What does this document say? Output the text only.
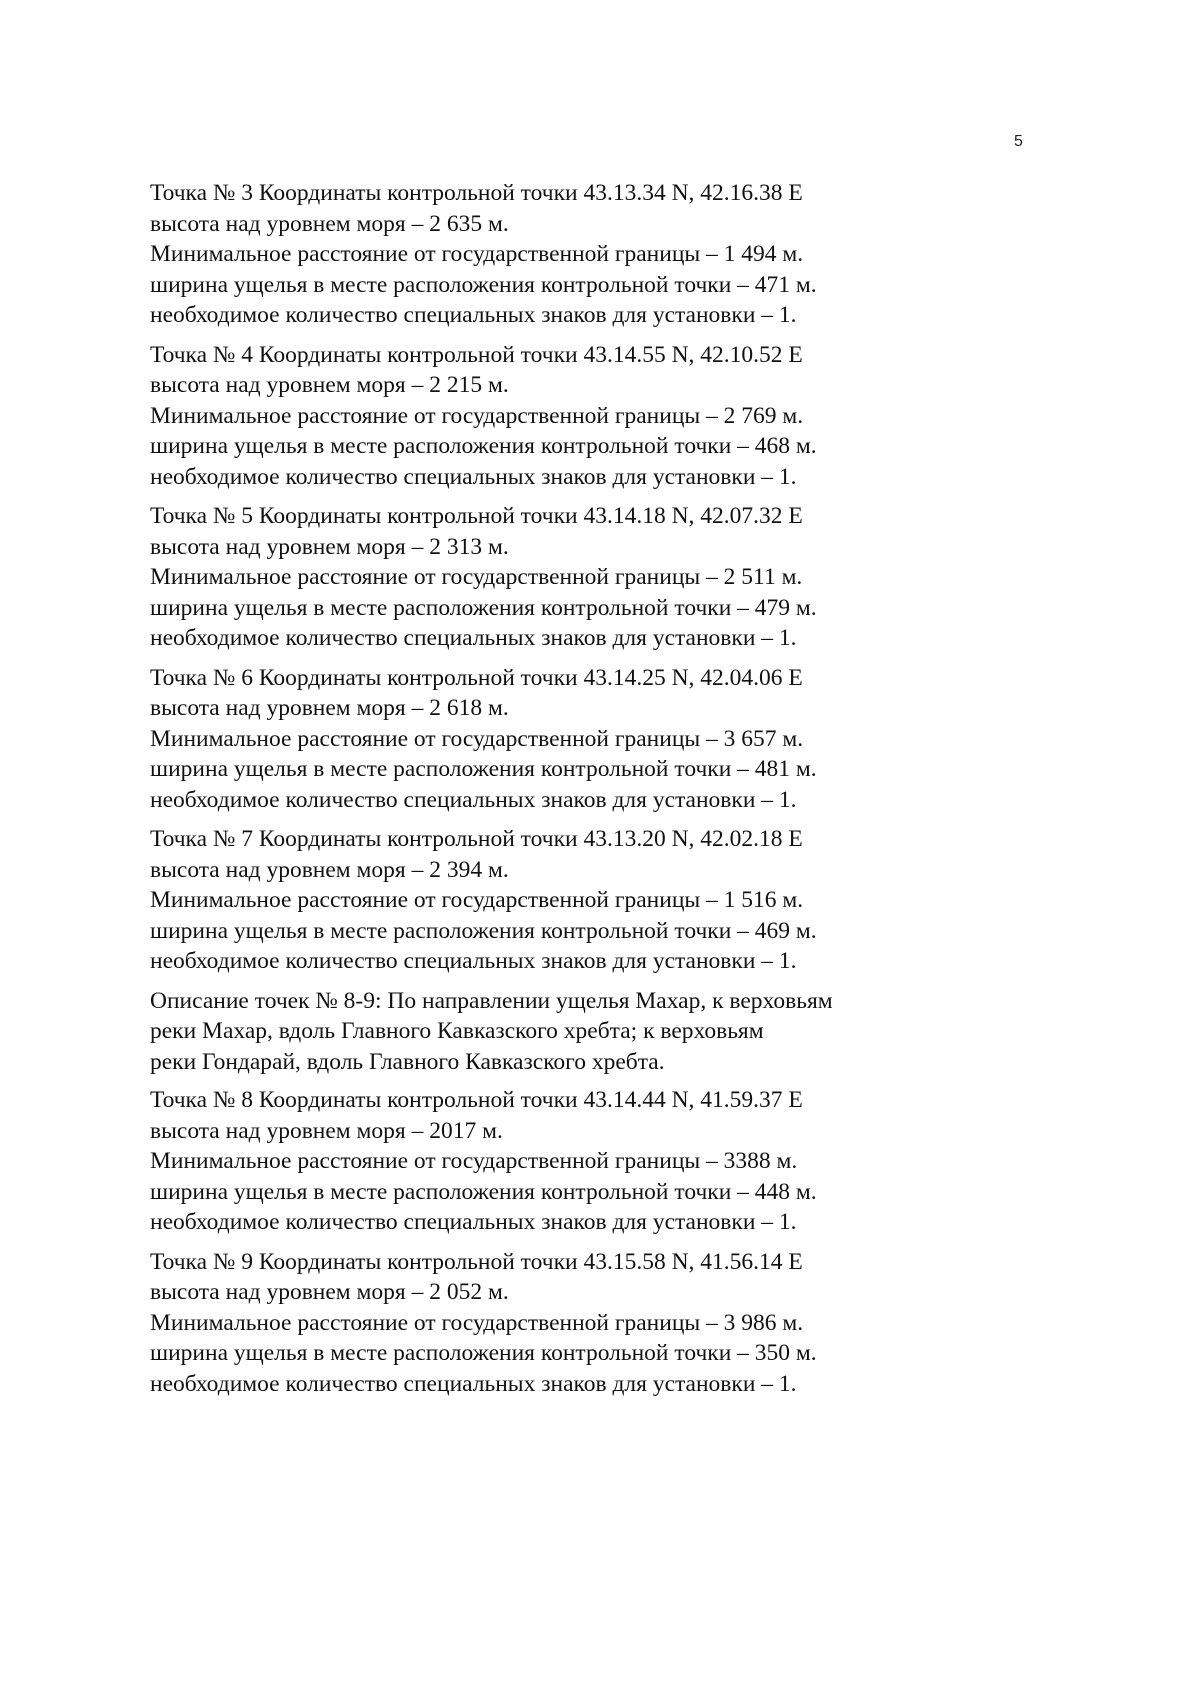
5
Точка № 3 Координаты контрольной точки 43.13.34 N, 42.16.38 E
высота над уровнем моря – 2 635 м.
Минимальное расстояние от государственной границы – 1 494 м.
ширина ущелья в месте расположения контрольной точки – 471 м.
необходимое количество специальных знаков для установки – 1.
Точка № 4 Координаты контрольной точки 43.14.55 N, 42.10.52 E
высота над уровнем моря – 2 215 м.
Минимальное расстояние от государственной границы – 2 769 м.
ширина ущелья в месте расположения контрольной точки – 468 м.
необходимое количество специальных знаков для установки – 1.
Точка № 5 Координаты контрольной точки 43.14.18 N, 42.07.32 E
высота над уровнем моря – 2 313 м.
Минимальное расстояние от государственной границы – 2 511 м.
ширина ущелья в месте расположения контрольной точки – 479 м.
необходимое количество специальных знаков для установки – 1.
Точка № 6 Координаты контрольной точки 43.14.25 N, 42.04.06 E
высота над уровнем моря – 2 618 м.
Минимальное расстояние от государственной границы – 3 657 м.
ширина ущелья в месте расположения контрольной точки – 481 м.
необходимое количество специальных знаков для установки – 1.
Точка № 7 Координаты контрольной точки 43.13.20 N, 42.02.18 E
высота над уровнем моря – 2 394 м.
Минимальное расстояние от государственной границы – 1 516 м.
ширина ущелья в месте расположения контрольной точки – 469 м.
необходимое количество специальных знаков для установки – 1.
Описание точек № 8-9: По направлении ущелья Махар, к верховьям
реки Махар, вдоль Главного Кавказского хребта; к верховьям
реки Гондарай, вдоль Главного Кавказского хребта.
Точка № 8 Координаты контрольной точки 43.14.44 N, 41.59.37 E
высота над уровнем моря – 2017 м.
Минимальное расстояние от государственной границы – 3388 м.
ширина ущелья в месте расположения контрольной точки – 448 м.
необходимое количество специальных знаков для установки – 1.
Точка № 9 Координаты контрольной точки 43.15.58 N, 41.56.14 E
высота над уровнем моря – 2 052 м.
Минимальное расстояние от государственной границы – 3 986 м.
ширина ущелья в месте расположения контрольной точки – 350 м.
необходимое количество специальных знаков для установки – 1.
